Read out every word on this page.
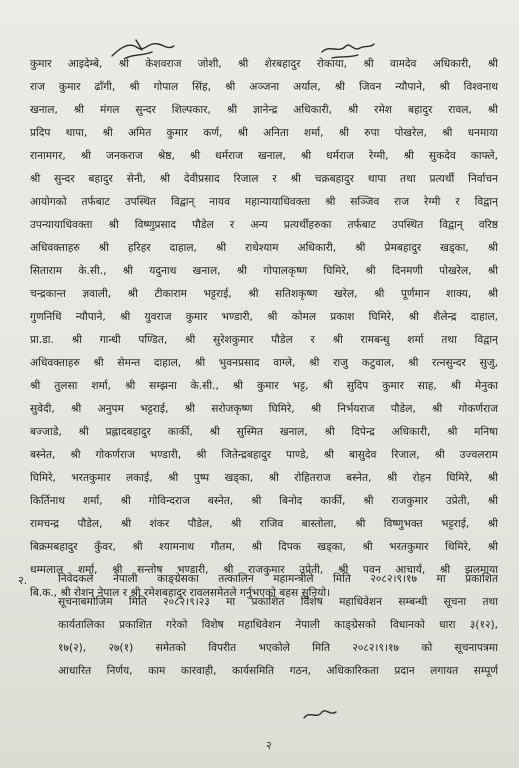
कुमार आइदेम्बे, श्री केशवराज जोशी, श्री शेरबहादुर रोकाया, श्री वामदेव अधिकारी, श्री
राज कुमार ढाँगी, श्री गोपाल सिंह, श्री अञ्जना अर्याल, श्री जिवन न्यौपाने, श्री विश्वनाथ
खनाल, श्री मंगल सुन्दर शिल्पकार, श्री ज्ञानेन्द्र अधिकारी, श्री रमेश बहादुर रावल, श्री
प्रदिप थापा, श्री अमित कुमार कर्ण, श्री अनिता शर्मा, श्री रुपा पोखरेल, श्री धनमाया
रानामगर, श्री जनकराज श्रेष्ठ, श्री धर्मराज खनाल, श्री धर्मराज रेग्मी, श्री सुकदेव काफ्ले,
श्री सुन्दर बहादुर सेनी, श्री देवीप्रसाद रिजाल र श्री चक्रबहादुर थापा तथा प्रत्यर्थी निर्वाचन
आयोगको तर्फबाट उपस्थित विद्वान् नायव महान्यायाधिवक्ता श्री सञ्जिव राज रेग्मी र विद्वान्
उपन्यायाधिवक्ता श्री विष्णुप्रसाद पौडेल र अन्य प्रत्यर्थीहरुका तर्फबाट उपस्थित विद्वान् वरिष्ठ
अधिवक्ताहरु श्री हरिहर दाहाल, श्री राधेश्याम अधिकारी, श्री प्रेमबहादुर खड्का, श्री
सिताराम के.सी., श्री यदुनाथ खनाल, श्री गोपालकृष्ण घिमिरे, श्री दिनमणी पोखरेल, श्री
चन्द्रकान्त ज्ञवाली, श्री टीकाराम भट्टराई, श्री सतिशकृष्ण खरेल, श्री पूर्णमान शाक्य, श्री
गुणनिधि न्यौपाने, श्री युवराज कुमार भण्डारी, श्री कोमल प्रकाश घिमिरे, श्री शैलेन्द्र दाहाल,
प्रा.डा. श्री गान्धी पण्डित, श्री सुरेशकुमार पौडेल र श्री रामबन्धु शर्मा तथा विद्वान्
अधिवक्ताहरु श्री सेमन्त दाहाल, श्री भुवनप्रसाद वाग्ले, श्री राजु कटुवाल, श्री रत्नसुन्दर सुजु,
श्री तुलसा शर्मा, श्री सम्झना के.सी., श्री कुमार भट्ट, श्री सुदिप कुमार साह, श्री मेनुका
सुवेदी, श्री अनुपम भट्टराई, श्री सरोजकृष्ण घिमिरे, श्री निर्भयराज पौडेल, श्री गोकर्णराज
बज्जाडे, श्री प्रह्लादबहादुर कार्की, श्री सुस्मित खनाल, श्री दिपेन्द्र अधिकारी, श्री मनिषा
बस्नेत, श्री गोकर्णराज भण्डारी, श्री जितेन्द्रबहादुर पाण्डे, श्री बासुदेव रिजाल, श्री उज्वलराम
घिमिरे, भरतकुमार लकाई, श्री पुष्प खड्का, श्री रोहितराज बस्नेत, श्री रोहन घिमिरे, श्री
किर्तिनाथ शर्मा, श्री गोविन्दराज बस्नेत, श्री बिनोद कार्की, श्री राजकुमार उप्रेती, श्री
रामचन्द्र पौडेल, श्री शंकर पौडेल, श्री राजिव बास्तोला, श्री विष्णुभक्त भट्टराई, श्री
बिक्रमबहादुर कुँवर, श्री श्यामनाथ गौतम, श्री दिपक खड्का, श्री भरतकुमार थिमिरे, श्री
धम्मलाल शर्मा, श्री सन्तोष भण्डारी, श्री राजकुमार उप्रेती, श्री पवन आचार्य, श्री झलमाया
बि.क., श्री रोशन नेपाल र श्री रमेशबहादुर रावलसमेतले गर्नुभएको बहस सुनियो।
२.	निवेदकले नेपाली काङ्ग्रेसका तत्कालिन महामन्त्रीले मिति २०८२।९।१७ मा प्रकाशित
सूचनाबमोजिम मिति २०८२।९।२३ मा प्रकाशित विशेष महाधिवेशन सम्बन्धी सूचना तथा
कार्यतालिका प्रकाशित गरेको विशेष महाधिवेशन नेपाली काङ्ग्रेसको विधानको धारा ३(१२),
१७(२), २७(१) समेतको विपरीत भएकोले मिति २०८२।९।१७ को सूचनापत्रमा
आधारित निर्णय, काम कारवाही, कार्यसमिति गठन, अधिकारिकता प्रदान लगायत सम्पूर्ण
२
